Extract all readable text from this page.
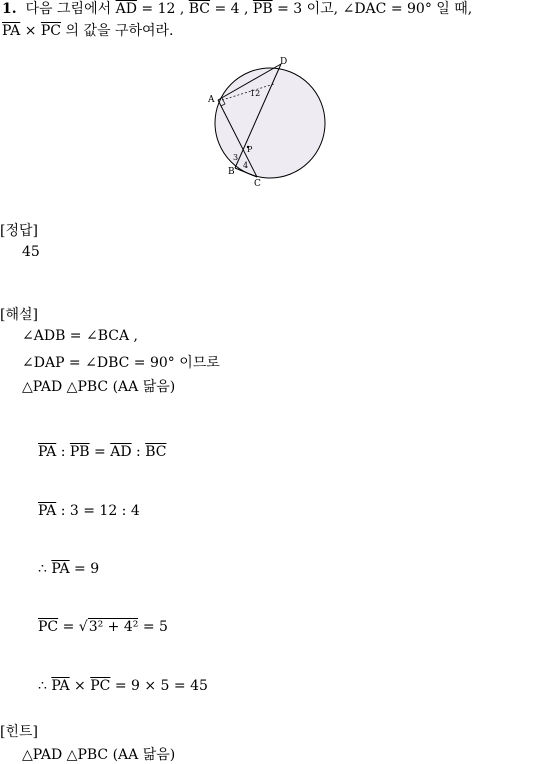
1. 다음 그림에서 $\overline{AD} = 12$ , $\overline{BC} = 4$ , $\overline{PB} = 3$ 이고, ∠DAC = 90° 일 때,
$\overline{PA} \times \overline{PC}$ 의 값을 구하여라.
D
A
12
P
3
4
B
C
[정답]
45
[해설]
∠ADB = ∠BCA ,
∠DAP = ∠DBC = 90° 이므로
△PAD △PBC (AA 닮음)
$\overline{PA}$ : $\overline{PB} = \overline{AD}$ : $\overline{BC}$
$\overline{PA}$ : 3 = 12 : 4
∴ $\overline{PA} = 9$
$\overline{PC} = √3^2 + 4^2 = 5$
∴ $\overline{PA} \times \overline{PC} = 9 \times 5 = 45$
[힌트]
△PAD △PBC (AA 닮음)
